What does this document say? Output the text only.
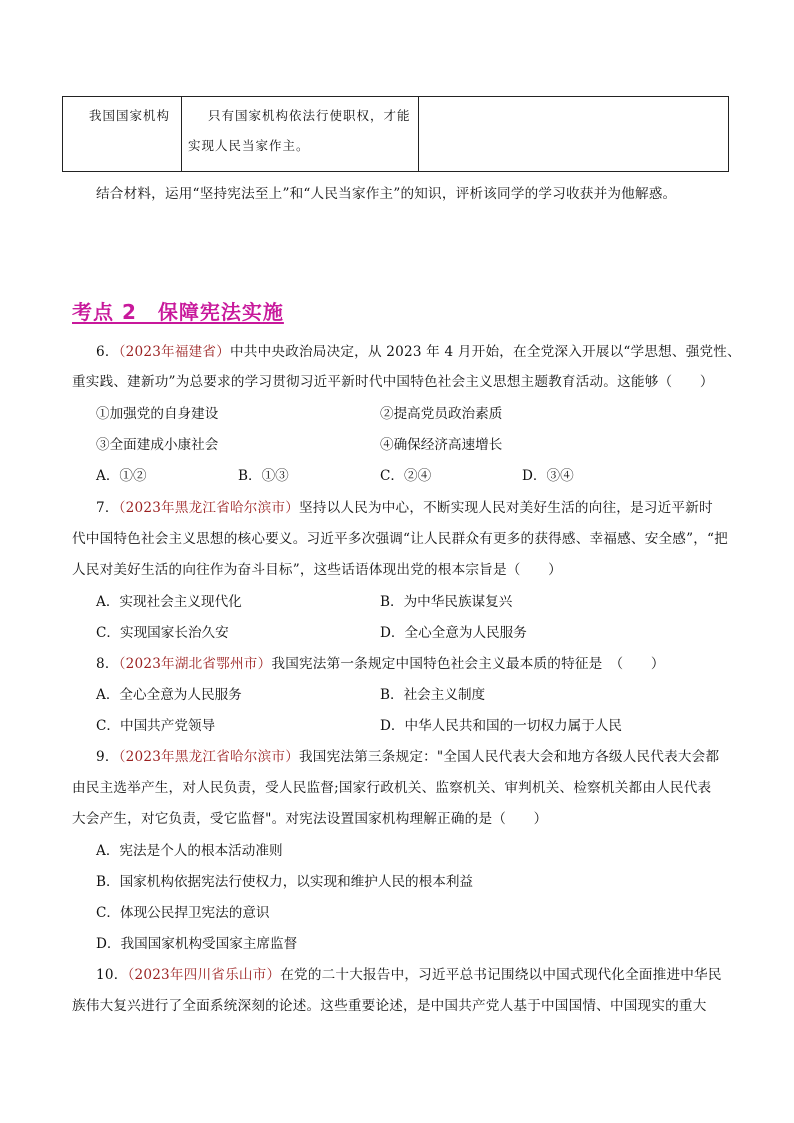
我国国家机构	只有国家机构依法行使职权，才能实现人民当家作主。

结合材料，运用“坚持宪法至上”和“人民当家作主”的知识，评析该同学的学习收获并为他解惑。
考点 2　保障宪法实施
6．（2023年福建省）中共中央政治局决定，从 2023 年 4 月开始，在全党深入开展以“学思想、强党性、
重实践、建新功”为总要求的学习贯彻习近平新时代中国特色社会主义思想主题教育活动。这能够（　　）
①加强党的自身建设	②提高党员政治素质
③全面建成小康社会	④确保经济高速增长
A．①②	B．①③	C．②④	D．③④
7．（2023年黑龙江省哈尔滨市）坚持以人民为中心，不断实现人民对美好生活的向往，是习近平新时
代中国特色社会主义思想的核心要义。习近平多次强调“让人民群众有更多的获得感、幸福感、安全感”，“把
人民对美好生活的向往作为奋斗目标”，这些话语体现出党的根本宗旨是（　　）
A．实现社会主义现代化	B．为中华民族谋复兴
C．实现国家长治久安	D．全心全意为人民服务
8．（2023年湖北省鄂州市）我国宪法第一条规定中国特色社会主义最本质的特征是　（　　）
A．全心全意为人民服务	B．社会主义制度
C．中国共产党领导	D．中华人民共和国的一切权力属于人民
9．（2023年黑龙江省哈尔滨市）我国宪法第三条规定："全国人民代表大会和地方各级人民代表大会都
由民主选举产生，对人民负责，受人民监督;国家行政机关、监察机关、审判机关、检察机关都由人民代表
大会产生，对它负责，受它监督"。对宪法设置国家机构理解正确的是（　　）
A．宪法是个人的根本活动准则
B．国家机构依据宪法行使权力，以实现和维护人民的根本利益
C．体现公民捍卫宪法的意识
D．我国国家机构受国家主席监督
10．（2023年四川省乐山市）在党的二十大报告中，习近平总书记围绕以中国式现代化全面推进中华民
族伟大复兴进行了全面系统深刻的论述。这些重要论述，是中国共产党人基于中国国情、中国现实的重大
